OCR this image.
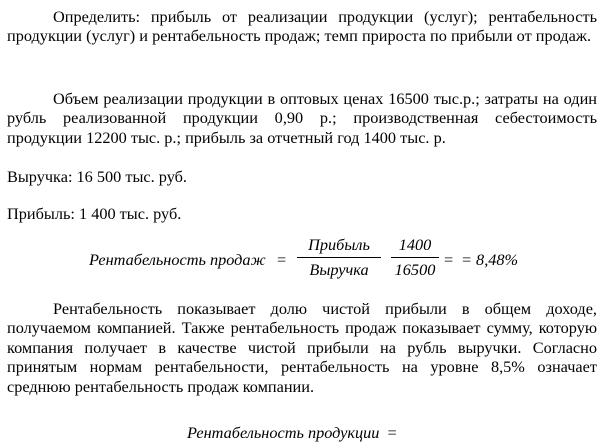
Определить: прибыль от реализации продукции (услуг); рентабельность продукции (услуг) и рентабельность продаж; темп прироста по прибыли от продаж.

Объем реализации продукции в оптовых ценах 16500 тыс.р.; затраты на один рубль реализованной продукции 0,90 р.; производственная себестоимость продукции 12200 тыс. р.; прибыль за отчетный год 1400 тыс. р.

Выручка: 16 500 тыс. руб.

Прибыль: 1 400 тыс. руб.

Рентабельность продаж =
Прибыль
Выручка
=
1400
16500
= 8,48%

Рентабельность показывает долю чистой прибыли в общем доходе, получаемом компанией. Также рентабельность продаж показывает сумму, которую компания получает в качестве чистой прибыли на рубль выручки. Согласно принятым нормам рентабельности, рентабельность на уровне 8,5% означает среднюю рентабельность продаж компании.

Рентабельность продукции =
